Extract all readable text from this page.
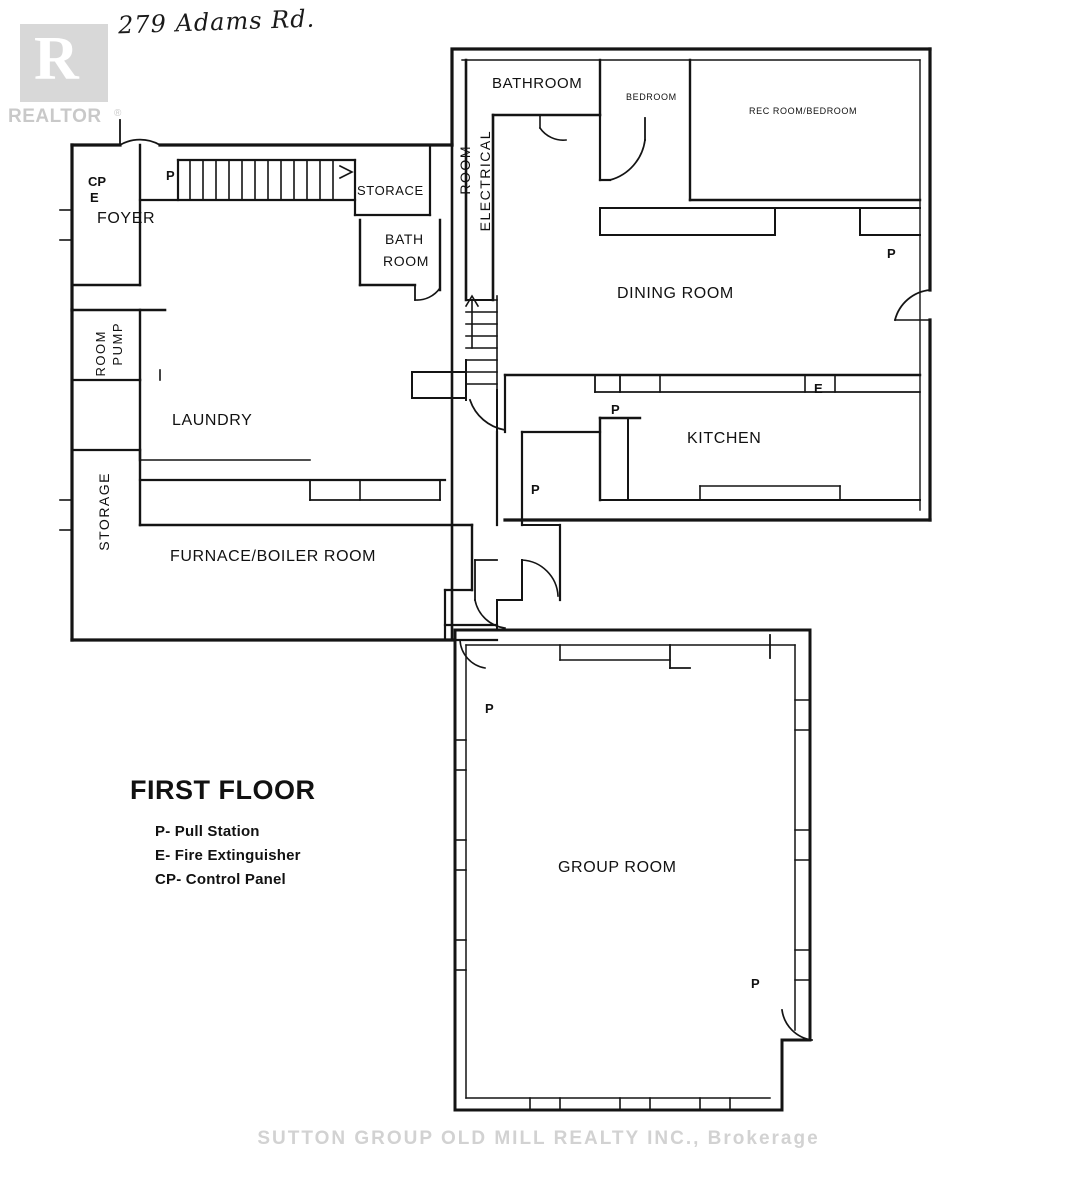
279 Adams Rd.
R
REALTOR ®
FOYER
BATHROOM
BEDROOM
REC ROOM/BEDROOM
STORACE
BATH
ROOM
DINING ROOM
KITCHEN
LAUNDRY
FURNACE/BOILER ROOM
GROUP ROOM
ELECTRICAL
ROOM
PUMP
ROOM
STORAGE
CP
E
P
P
E
P
P
P
P
FIRST FLOOR
P- Pull Station
E- Fire Extinguisher
CP- Control Panel
SUTTON GROUP OLD MILL REALTY INC., Brokerage
